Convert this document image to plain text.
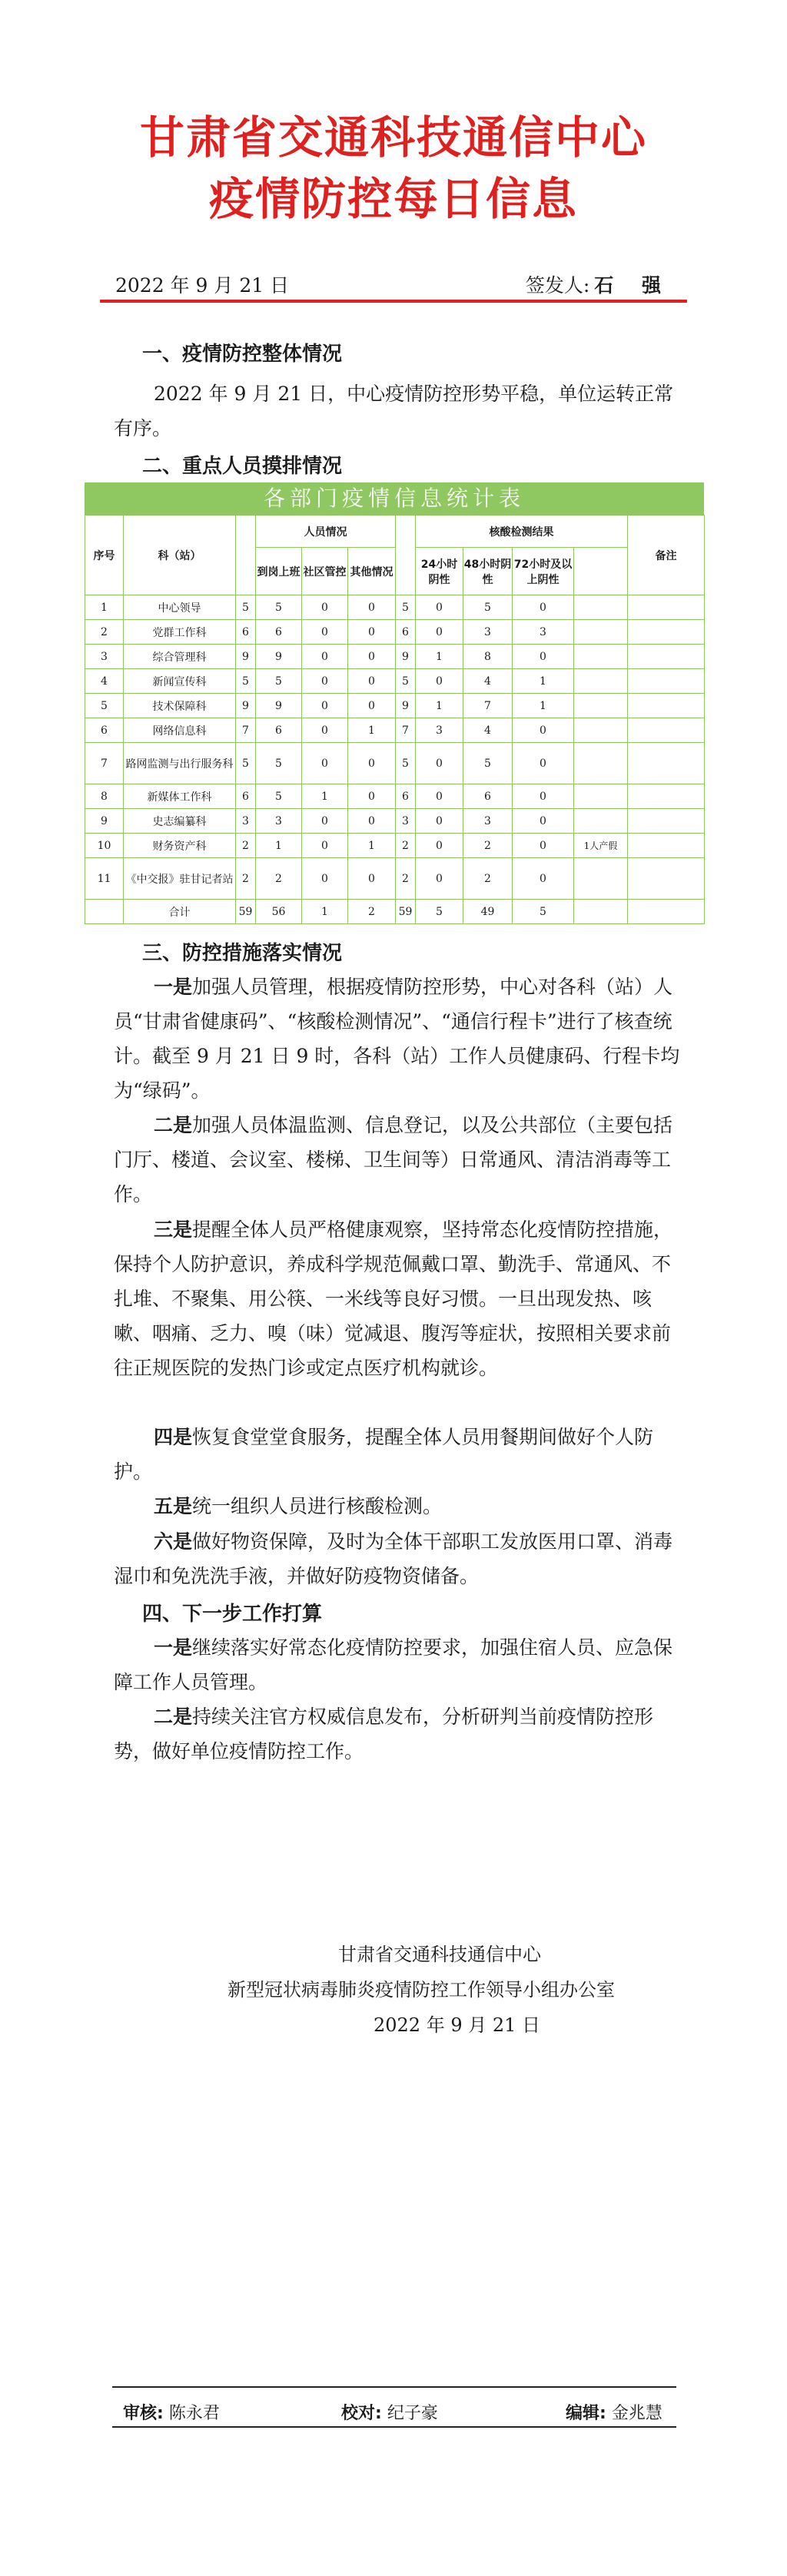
甘肃省交通科技通信中心
疫情防控每日信息
2022 年 9 月 21 日	签发人: 石 强
一、疫情防控整体情况

2022 年 9 月 21 日，中心疫情防控形势平稳，单位运转正常有序。

二、重点人员摸排情况
各部门疫情信息统计表
序号	科（站）		人员情况				核酸检测结果				备注
			到岗上班	社区管控	其他情况		24小时阴性	48小时阴性	72小时及以上阴性		
1	中心领导	5	5	0	0	5	0	5	0		
2	党群工作科	6	6	0	0	6	0	3	3		
3	综合管理科	9	9	0	0	9	1	8	0		
4	新闻宣传科	5	5	0	0	5	0	4	1		
5	技术保障科	9	9	0	0	9	1	7	1		
6	网络信息科	7	6	0	1	7	3	4	0		
7	路网监测与出行服务科	5	5	0	0	5	0	5	0		
8	新媒体工作科	6	5	1	0	6	0	6	0		
9	史志编纂科	3	3	0	0	3	0	3	0		
10	财务资产科	2	1	0	1	2	0	2	0	1人产假	
11	《中交报》驻甘记者站	2	2	0	0	2	0	2	0		
	合计	59	56	1	2	59	5	49	5		
三、防控措施落实情况

一是加强人员管理，根据疫情防控形势，中心对各科（站）人员“甘肃省健康码”、“核酸检测情况”、“通信行程卡”进行了核查统计。截至 9 月 21 日 9 时，各科（站）工作人员健康码、行程卡均为“绿码”。

二是加强人员体温监测、信息登记，以及公共部位（主要包括门厅、楼道、会议室、楼梯、卫生间等）日常通风、清洁消毒等工作。

三是提醒全体人员严格健康观察，坚持常态化疫情防控措施，保持个人防护意识，养成科学规范佩戴口罩、勤洗手、常通风、不扎堆、不聚集、用公筷、一米线等良好习惯。一旦出现发热、咳嗽、咽痛、乏力、嗅（味）觉减退、腹泻等症状，按照相关要求前往正规医院的发热门诊或定点医疗机构就诊。

四是恢复食堂堂食服务，提醒全体人员用餐期间做好个人防护。

五是统一组织人员进行核酸检测。

六是做好物资保障，及时为全体干部职工发放医用口罩、消毒湿巾和免洗洗手液，并做好防疫物资储备。

四、下一步工作打算

一是继续落实好常态化疫情防控要求，加强住宿人员、应急保障工作人员管理。

二是持续关注官方权威信息发布，分析研判当前疫情防控形势，做好单位疫情防控工作。

甘肃省交通科技通信中心
新型冠状病毒肺炎疫情防控工作领导小组办公室
2022 年 9 月 21 日
审核: 陈永君	校对: 纪子豪	编辑: 金兆慧
